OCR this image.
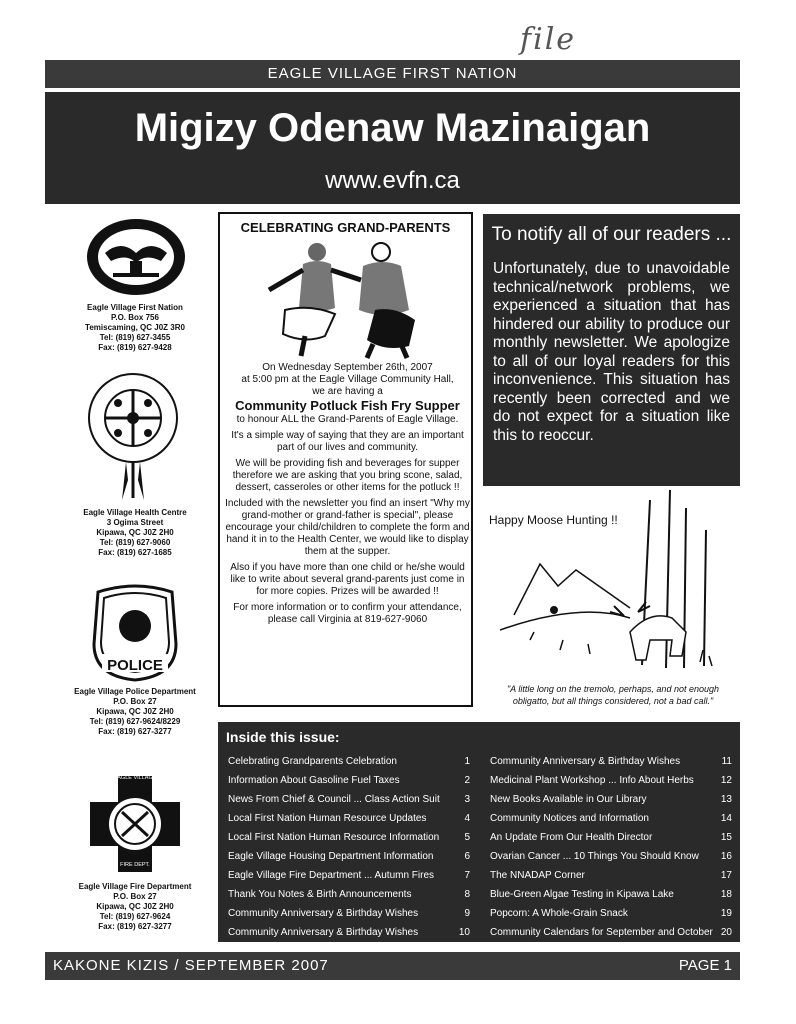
file
EAGLE VILLAGE FIRST NATION
Migizy Odenaw Mazinaigan
www.evfn.ca
Eagle Village First Nation
P.O. Box 756
Temiscaming, QC J0Z 3R0
Tel: (819) 627-3455
Fax: (819) 627-9428
Eagle Village Health Centre
3 Ogima Street
Kipawa, QC J0Z 2H0
Tel: (819) 627-9060
Fax: (819) 627-1685
POLICE
Eagle Village Police Department
P.O. Box 27
Kipawa, QC J0Z 2H0
Tel: (819) 627-9624/8229
Fax: (819) 627-3277
EAGLE VILLAGE
FIRE DEPT.
Eagle Village Fire Department
P.O. Box 27
Kipawa, QC J0Z 2H0
Tel: (819) 627-9624
Fax: (819) 627-3277
CELEBRATING GRAND-PARENTS
On Wednesday September 26th, 2007
at 5:00 pm at the Eagle Village Community Hall,
we are having a
Community Potluck Fish Fry Supper

to honour ALL the Grand-Parents of Eagle Village.

It's a simple way of saying that they are an important part of our lives and community.

We will be providing fish and beverages for supper therefore we are asking that you bring scone, salad, dessert, casseroles or other items for the potluck !!

Included with the newsletter you find an insert "Why my grand-mother or grand-father is special", please encourage your child/children to complete the form and hand it in to the Health Center, we would like to display them at the supper.

Also if you have more than one child or he/she would like to write about several grand-parents just come in for more copies. Prizes will be awarded !!

For more information or to confirm your attendance, please call Virginia at 819-627-9060

To notify all of our readers ...
Unfortunately, due to unavoidable technical/network problems, we experienced a situation that has hindered our ability to produce our monthly newsletter. We apologize to all of our loyal readers for this inconvenience. This situation has recently been corrected and we do not expect for a situation like this to reoccur.
Happy Moose Hunting !!
"A little long on the tremolo, perhaps, and not enough obligatto, but all things considered, not a bad call."
Inside this issue:
Celebrating Grandparents Celebration	1
Information About Gasoline Fuel Taxes	2
News From Chief & Council ... Class Action Suit 3
Local First Nation Human Resource Updates	4
Local First Nation Human Resource Information	5
Eagle Village Housing Department Information	6
Eagle Village Fire Department ... Autumn Fires	7
Thank You Notes & Birth Announcements	8
Community Anniversary & Birthday Wishes	9
Community Anniversary & Birthday Wishes	10
Community Anniversary & Birthday Wishes	11
Medicinal Plant Workshop ... Info About Herbs	12
New Books Available in Our Library	13
Community Notices and Information	14
An Update From Our Health Director	15
Ovarian Cancer ... 10 Things You Should Know 16
The NNADAP Corner	17
Blue-Green Algae Testing in Kipawa Lake	18
Popcorn: A Whole-Grain Snack	19
Community Calendars for September and October 20
KAKONE KIZIS / SEPTEMBER 2007	PAGE 1
